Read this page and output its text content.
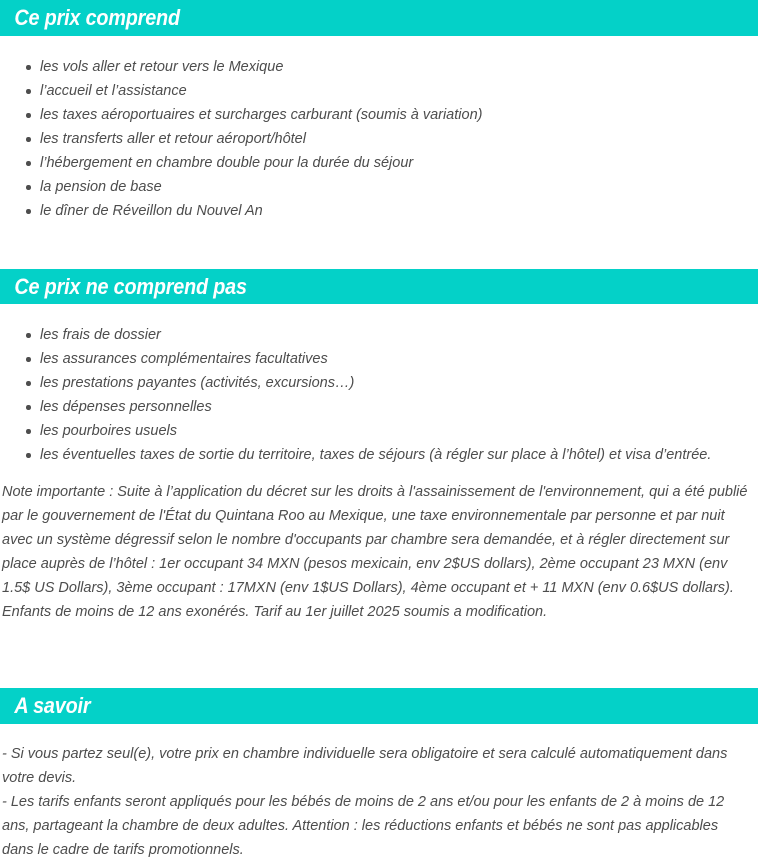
Ce prix comprend
les vols aller et retour vers le Mexique
l’accueil et l’assistance
les taxes aéroportuaires et surcharges carburant (soumis à variation)
les transferts aller et retour aéroport/hôtel
l’hébergement en chambre double pour la durée du séjour
la pension de base
le dîner de Réveillon du Nouvel An
Ce prix ne comprend pas
les frais de dossier
les assurances complémentaires facultatives
les prestations payantes (activités, excursions…)
les dépenses personnelles
les pourboires usuels
les éventuelles taxes de sortie du territoire, taxes de séjours (à régler sur place à l’hôtel) et visa d’entrée.

Note importante : Suite à l’application du décret sur les droits à l'assainissement de l'environnement, qui a été publié par le gouvernement de l'État du Quintana Roo au Mexique, une taxe environnementale par personne et par nuit avec un système dégressif selon le nombre d'occupants par chambre sera demandée, et à régler directement sur place auprès de l’hôtel : 1er occupant 34 MXN (pesos mexicain, env 2$US dollars), 2ème occupant 23 MXN (env 1.5$ US Dollars), 3ème occupant : 17MXN (env 1$US Dollars), 4ème occupant et + 11 MXN (env 0.6$US dollars). Enfants de moins de 12 ans exonérés. Tarif au 1er juillet 2025 soumis a modification.

A savoir

- Si vous partez seul(e), votre prix en chambre individuelle sera obligatoire et sera calculé automatiquement dans votre devis.

- Les tarifs enfants seront appliqués pour les bébés de moins de 2 ans et/ou pour les enfants de 2 à moins de 12 ans, partageant la chambre de deux adultes. Attention : les réductions enfants et bébés ne sont pas applicables dans le cadre de tarifs promotionnels.
